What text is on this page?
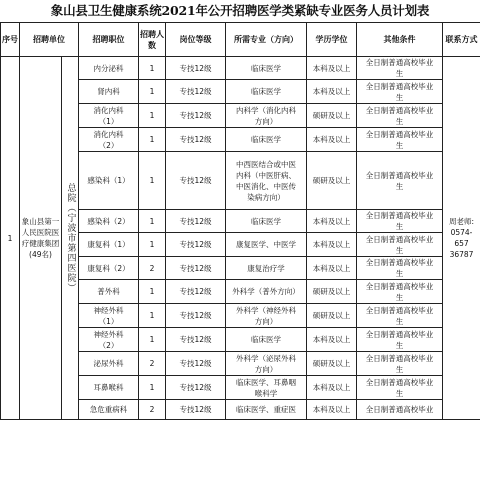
象山县卫生健康系统2021年公开招聘医学类紧缺专业医务人员计划表
序号	招聘单位		招聘职位	招聘人数	岗位等级	所需专业（方向）	学历学位	其他条件	联系方式
1	象山县第一人民医院医疗健康集团(49名)	总院（宁波市第四医院）	内分泌科	1	专技12级	临床医学	本科及以上	全日制普通高校毕业
生	周老师:
0574-657
36787
			肾内科	1	专技12级	临床医学	本科及以上	全日制普通高校毕业
生	
			消化内科
（1）	1	专技12级	内科学（消化内科
方向）	硕研及以上	全日制普通高校毕业
生	
			消化内科
（2）	1	专技12级	临床医学	本科及以上	全日制普通高校毕业
生	
			感染科（1）	1	专技12级	中西医结合或中医
内科（中医肝病、
中医消化、中医传
染病方向）	硕研及以上	全日制普通高校毕业
生	
			感染科（2）	1	专技12级	临床医学	本科及以上	全日制普通高校毕业
生	
			康复科（1）	1	专技12级	康复医学、中医学	本科及以上	全日制普通高校毕业
生	
			康复科（2）	2	专技12级	康复治疗学	本科及以上	全日制普通高校毕业
生	
			普外科	1	专技12级	外科学（普外方向）	硕研及以上	全日制普通高校毕业
生	
			神经外科
（1）	1	专技12级	外科学（神经外科
方向）	硕研及以上	全日制普通高校毕业
生	
			神经外科
（2）	1	专技12级	临床医学	本科及以上	全日制普通高校毕业
生	
			泌尿外科	2	专技12级	外科学（泌尿外科
方向）	硕研及以上	全日制普通高校毕业
生	
			耳鼻喉科	1	专技12级	临床医学、耳鼻咽
喉科学	本科及以上	全日制普通高校毕业
生	
			急危重病科	2	专技12级	临床医学、重症医	本科及以上	全日制普通高校毕业	
